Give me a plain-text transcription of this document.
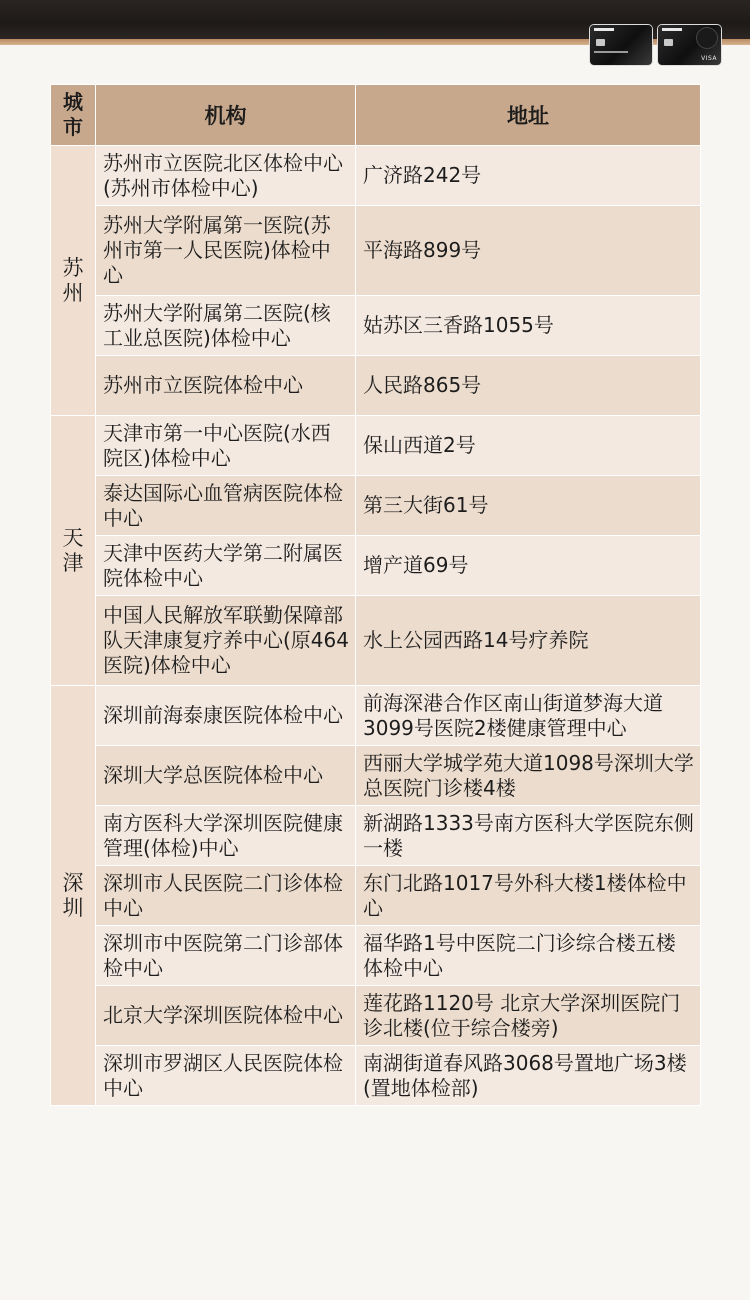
VISA
城市	机构	地址

苏州	苏州市立医院北区体检中心(苏州市体检中心)	广济路242号
	苏州大学附属第一医院(苏州市第一人民医院)体检中心	平海路899号
	苏州大学附属第二医院(核工业总医院)体检中心	姑苏区三香路1055号
	苏州市立医院体检中心	人民路865号

天津	天津市第一中心医院(水西院区)体检中心	保山西道2号
	泰达国际心血管病医院体检中心	第三大街61号
	天津中医药大学第二附属医院体检中心	增产道69号
	中国人民解放军联勤保障部队天津康复疗养中心(原464医院)体检中心	水上公园西路14号疗养院

深圳	深圳前海泰康医院体检中心	前海深港合作区南山街道梦海大道3099号医院2楼健康管理中心
	深圳大学总医院体检中心	西丽大学城学苑大道1098号深圳大学总医院门诊楼4楼
	南方医科大学深圳医院健康管理(体检)中心	新湖路1333号南方医科大学医院东侧一楼
	深圳市人民医院二门诊体检中心	东门北路1017号外科大楼1楼体检中心
	深圳市中医院第二门诊部体检中心	福华路1号中医院二门诊综合楼五楼体检中心
	北京大学深圳医院体检中心	莲花路1120号 北京大学深圳医院门诊北楼(位于综合楼旁)
	深圳市罗湖区人民医院体检中心	南湖街道春风路3068号置地广场3楼(置地体检部)
